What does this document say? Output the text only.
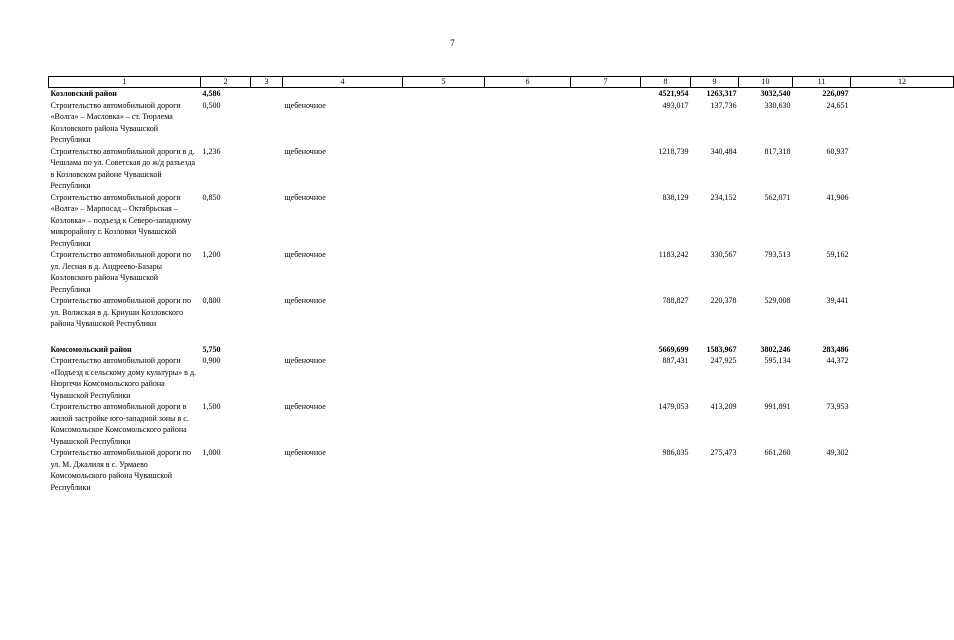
7
1	2	3	4	5	6	7	8	9	10	11	12
Козловский район	4,586						4521,954	1263,317	3032,540	226,097	
Строительство автомобильной дороги «Волга» – Масловка» – ст. Тюрлема Козловского района Чувашской Республики	0,500		щебеночное				493,017	137,736	330,630	24,651	
Строительство автомобильной дороги в д. Чешлама по ул. Советская до ж/д разъезда в Козловском районе Чувашской Республики	1,236		щебеночное				1218,739	340,484	817,318	60,937	
Строительство автомобильной дороги «Волга» – Марпосад – Октябрьская – Козловка» – подъезд к Северо-западному микрорайону г. Козловки Чувашской Республики	0,850		щебеночное				838,129	234,152	562,071	41,906	
Строительство автомобильной дороги по ул. Лесная в д. Андреево-Базары Козловского района Чувашской Республики	1,200		щебеночное				1183,242	330,567	793,513	59,162	
Строительство автомобильной дороги по ул. Волжская в д. Криуши Козловского района Чувашской Республики	0,800		щебеночное				788,827	220,378	529,008	39,441	

Комсомольский район	5,750						5669,699	1583,967	3802,246	283,486	
Строительство автомобильной дороги «Подъезд к сельскому дому культуры» в д. Нюргечи Комсомольского района Чувашской Республики	0,900		щебеночное				887,431	247,925	595,134	44,372	
Строительство автомобильной дороги в жилой застройке юго-западной зоны в с. Комсомольское Комсомольского района Чувашской Республики	1,500		щебеночное				1479,053	413,209	991,891	73,953	
Строительство автомобильной дороги по ул. М. Джалиля в с. Урмаево Комсомольского района Чувашской Республики	1,000		щебеночное				986,035	275,473	661,260	49,302	
